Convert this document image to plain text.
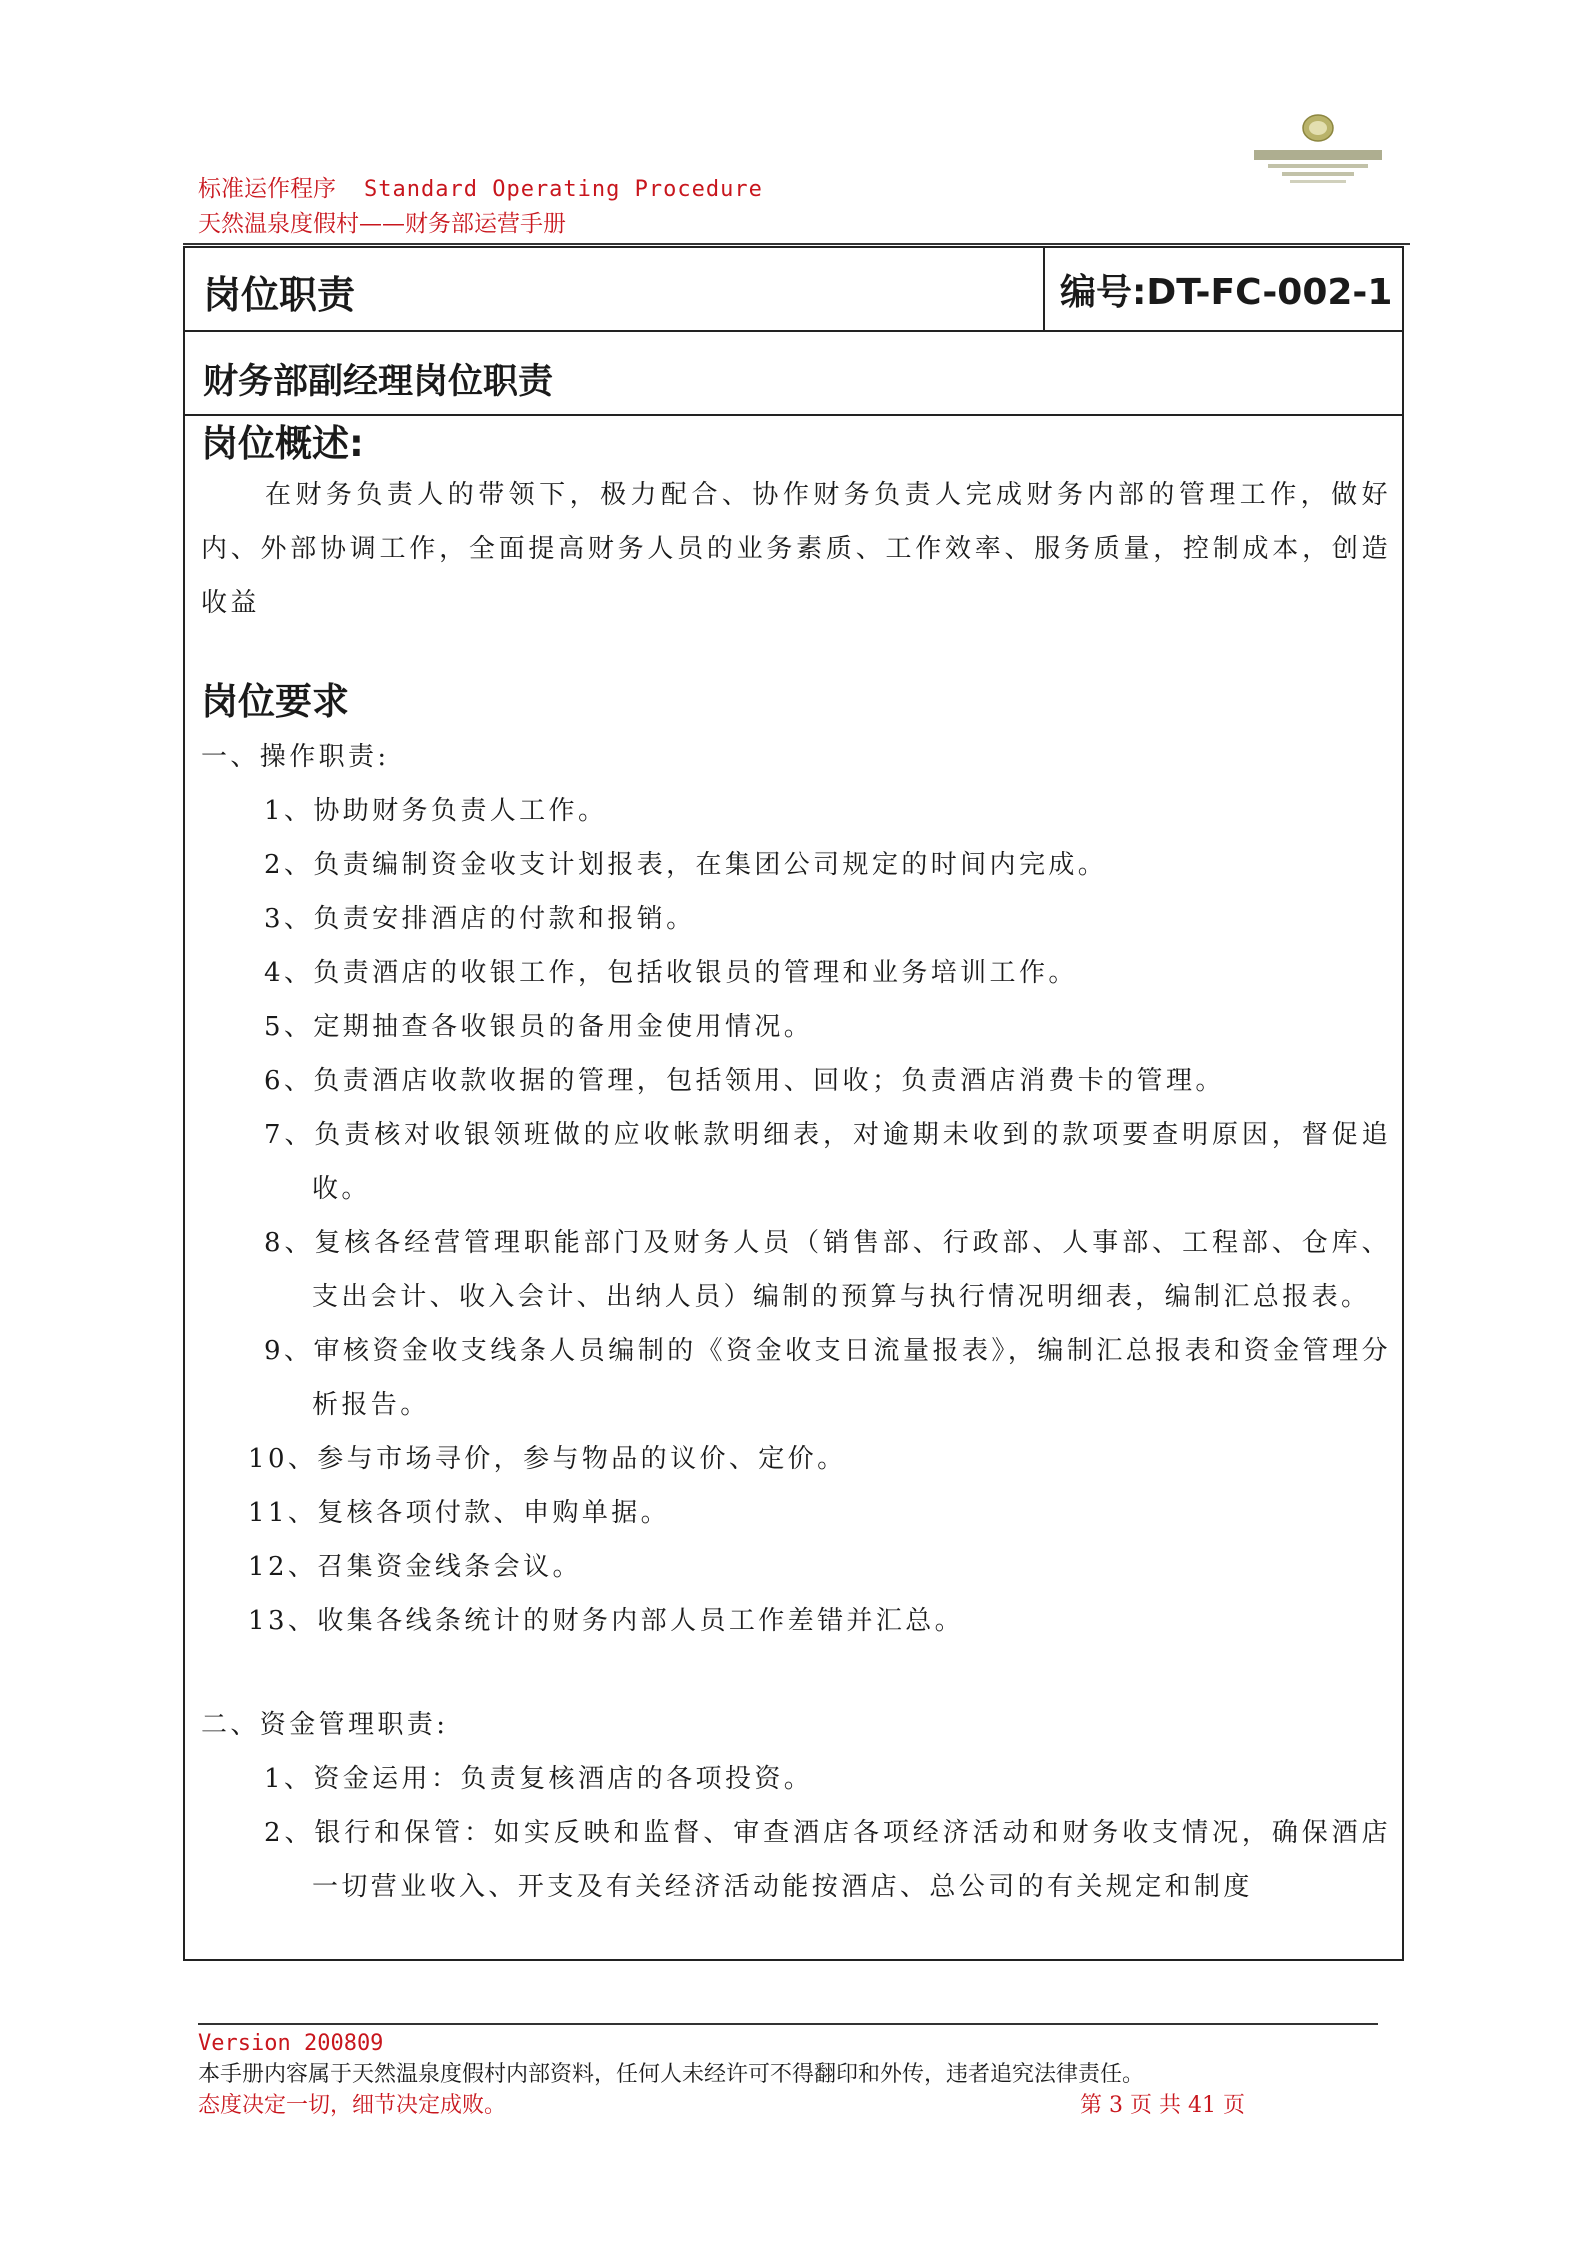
标准运作程序 Standard Operating Procedure
天然温泉度假村——财务部运营手册
岗位职责	编号:DT-FC-002-1
财务部副经理岗位职责
岗位概述:

在财务负责人的带领下，极力配合、协作财务负责人完成财务内部的管理工作，做好内、外部协调工作，全面提高财务人员的业务素质、工作效率、服务质量，控制成本，创造收益

岗位要求

一、操作职责:

1、协助财务负责人工作。

2、负责编制资金收支计划报表，在集团公司规定的时间内完成。

3、负责安排酒店的付款和报销。

4、负责酒店的收银工作，包括收银员的管理和业务培训工作。

5、定期抽查各收银员的备用金使用情况。

6、负责酒店收款收据的管理，包括领用、回收；负责酒店消费卡的管理。

7、负责核对收银领班做的应收帐款明细表，对逾期未收到的款项要查明原因，督促追收。

8、复核各经营管理职能部门及财务人员（销售部、行政部、人事部、工程部、仓库、支出会计、收入会计、出纳人员）编制的预算与执行情况明细表，编制汇总报表。

9、审核资金收支线条人员编制的《资金收支日流量报表》，编制汇总报表和资金管理分析报告。

10、参与市场寻价，参与物品的议价、定价。

11、复核各项付款、申购单据。

12、召集资金线条会议。

13、收集各线条统计的财务内部人员工作差错并汇总。

二、资金管理职责:

1、资金运用：负责复核酒店的各项投资。

2、银行和保管：如实反映和监督、审查酒店各项经济活动和财务收支情况，确保酒店一切营业收入、开支及有关经济活动能按酒店、总公司的有关规定和制度

Version 200809
本手册内容属于天然温泉度假村内部资料，任何人未经许可不得翻印和外传，违者追究法律责任。
态度决定一切，细节决定成败。	第 3 页 共 41 页
